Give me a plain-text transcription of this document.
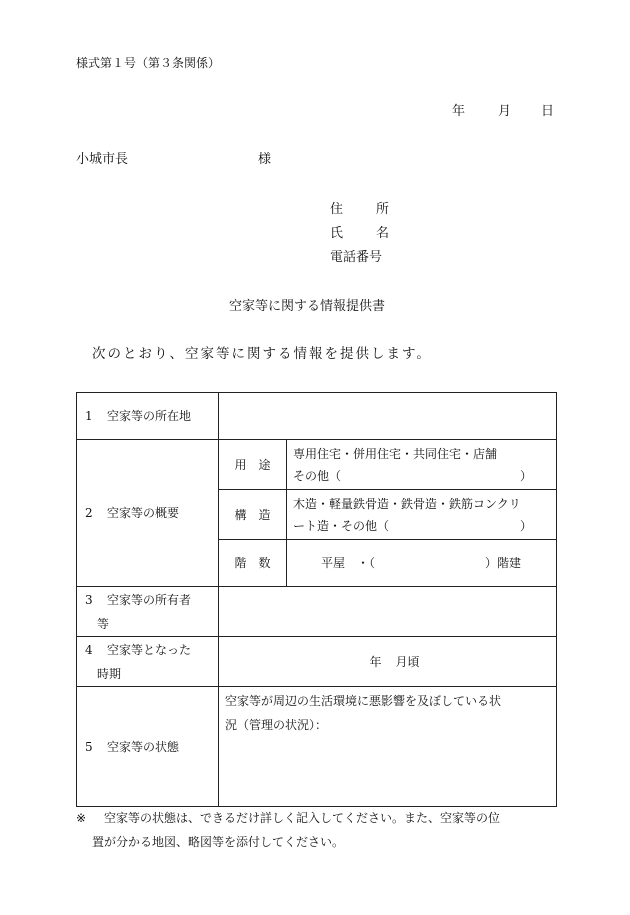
様式第１号（第３条関係）
年	月 日
小城市長	様
住	所
氏	名
電話番号
空家等に関する情報提供書
次のとおり、空家等に関する情報を提供します。
1 空家等の所在地		
2 空家等の概要	用　途	専用住宅・併用住宅・共同住宅・店舗
その他（ ）

	構　造	木造・軽量鉄骨造・鉄骨造・鉄筋コンクリ
ート造・その他（ ）

	階　数	平屋　・（ ）階建

3 空家等の所有者
等		

4 空家等となった
時期	年 月頃	
5 空家等の状態	空家等が周辺の生活環境に悪影響を及ぼしている状
況（管理の状況）：	
※ 空家等の状態は、できるだけ詳しく記入してください。また、空家等の位
置が分かる地図、略図等を添付してください。
